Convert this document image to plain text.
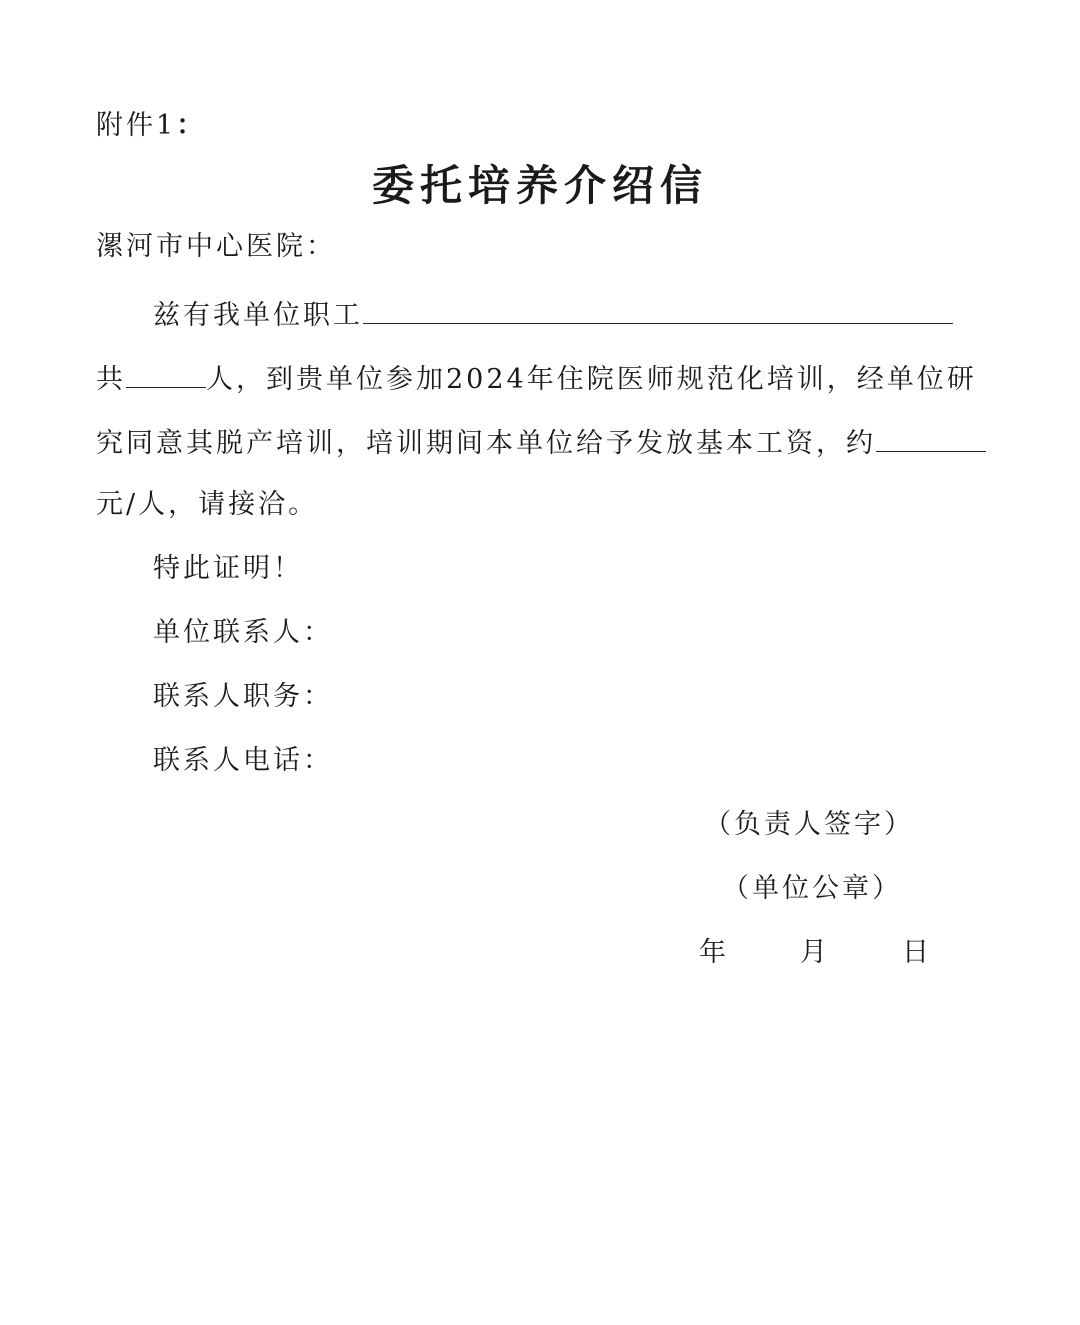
附件1：
委托培养介绍信
漯河市中心医院：
兹有我单位职工
共	人，到贵单位参加2024年住院医师规范化培训，经单位研
究同意其脱产培训，培训期间本单位给予发放基本工资，约
元/人，请接洽。
特此证明！
单位联系人：
联系人职务：
联系人电话：
（负责人签字）
（单位公章）
年	月	日
